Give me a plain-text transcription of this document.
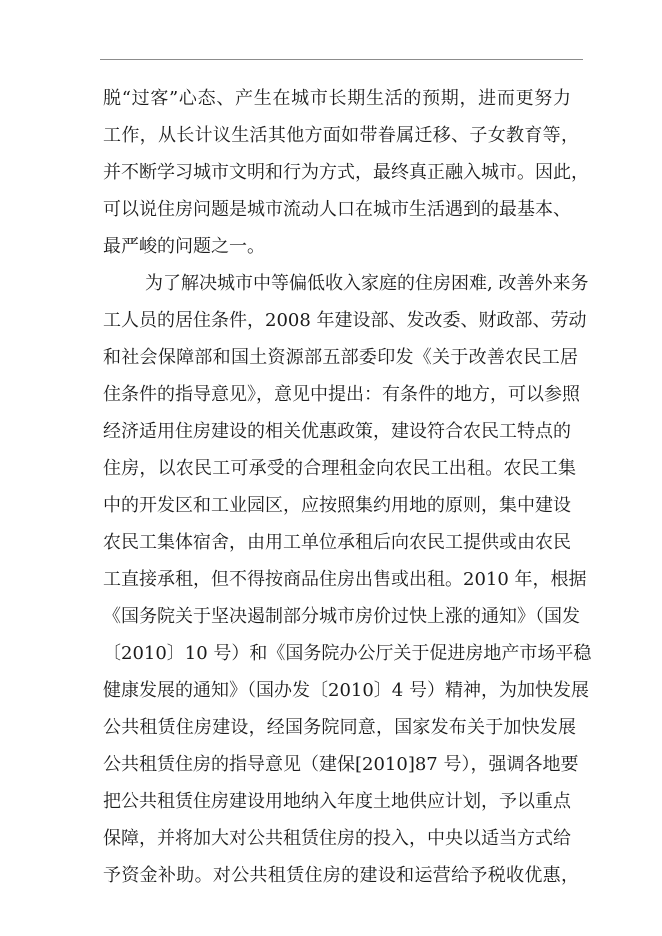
脱“过客”心态、产生在城市长期生活的预期，进而更努力
工作，从长计议生活其他方面如带眷属迁移、子女教育等，
并不断学习城市文明和行为方式，最终真正融入城市。因此，
可以说住房问题是城市流动人口在城市生活遇到的最基本、
最严峻的问题之一。
为了解决城市中等偏低收入家庭的住房困难, 改善外来务
工人员的居住条件，2008 年建设部、发改委、财政部、劳动
和社会保障部和国土资源部五部委印发《关于改善农民工居
住条件的指导意见》，意见中提出：有条件的地方，可以参照
经济适用住房建设的相关优惠政策，建设符合农民工特点的
住房，以农民工可承受的合理租金向农民工出租。农民工集
中的开发区和工业园区，应按照集约用地的原则，集中建设
农民工集体宿舍，由用工单位承租后向农民工提供或由农民
工直接承租，但不得按商品住房出售或出租。2010 年，根据
《国务院关于坚决遏制部分城市房价过快上涨的通知》（国发
〔2010〕10 号）和《国务院办公厅关于促进房地产市场平稳
健康发展的通知》（国办发〔2010〕4 号）精神，为加快发展
公共租赁住房建设，经国务院同意，国家发布关于加快发展
公共租赁住房的指导意见（建保[2010]87 号），强调各地要
把公共租赁住房建设用地纳入年度土地供应计划，予以重点
保障，并将加大对公共租赁住房的投入，中央以适当方式给
予资金补助。对公共租赁住房的建设和运营给予税收优惠，
